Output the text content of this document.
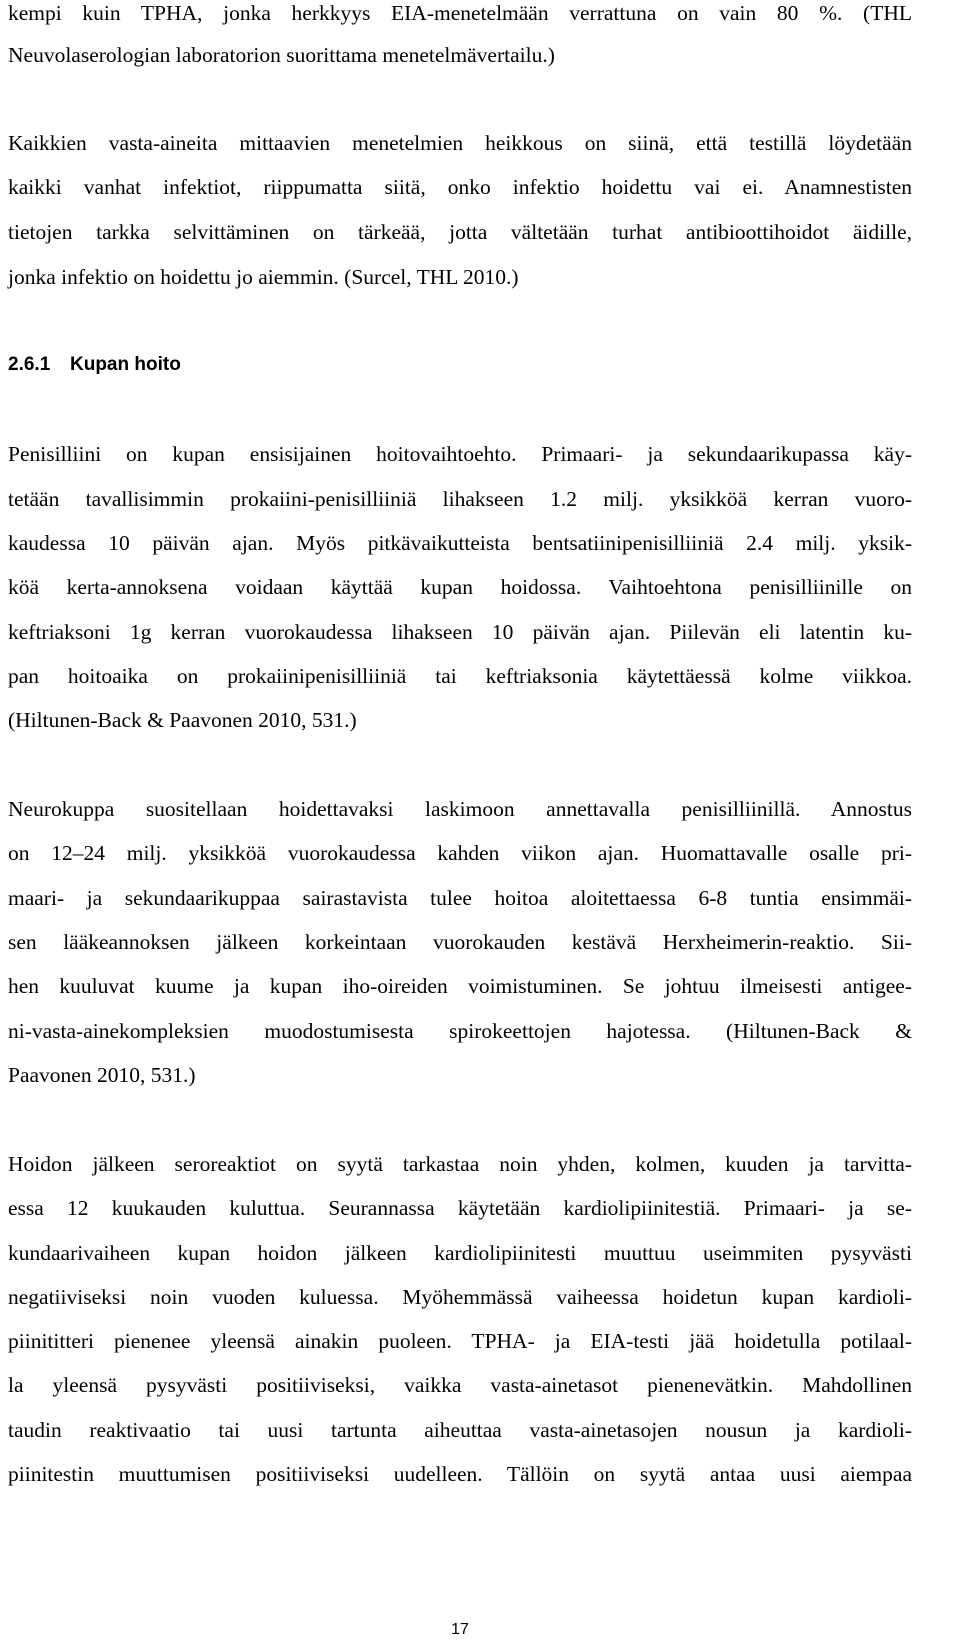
kempi kuin TPHA, jonka herkkyys EIA-menetelmään verrattuna on vain 80 %. (THL
Neuvolaserologian laboratorion suorittama menetelmävertailu.)
Kaikkien vasta-aineita mittaavien menetelmien heikkous on siinä, että testillä löydetään
kaikki vanhat infektiot, riippumatta siitä, onko infektio hoidettu vai ei. Anamnestisten
tietojen tarkka selvittäminen on tärkeää, jotta vältetään turhat antibioottihoidot äidille,
jonka infektio on hoidettu jo aiemmin. (Surcel, THL 2010.)
2.6.1 Kupan hoito
Penisilliini on kupan ensisijainen hoitovaihtoehto. Primaari- ja sekundaarikupassa käy-
tetään tavallisimmin prokaiini-penisilliiniä lihakseen 1.2 milj. yksikköä kerran vuoro-
kaudessa 10 päivän ajan. Myös pitkävaikutteista bentsatiinipenisilliiniä 2.4 milj. yksik-
köä kerta-annoksena voidaan käyttää kupan hoidossa. Vaihtoehtona penisilliinille on
keftriaksoni 1g kerran vuorokaudessa lihakseen 10 päivän ajan. Piilevän eli latentin ku-
pan hoitoaika on prokaiinipenisilliiniä tai keftriaksonia käytettäessä kolme viikkoa.
(Hiltunen-Back & Paavonen 2010, 531.)
Neurokuppa suositellaan hoidettavaksi laskimoon annettavalla penisilliinillä. Annostus
on 12–24 milj. yksikköä vuorokaudessa kahden viikon ajan. Huomattavalle osalle pri-
maari- ja sekundaarikuppaa sairastavista tulee hoitoa aloitettaessa 6-8 tuntia ensimmäi-
sen lääkeannoksen jälkeen korkeintaan vuorokauden kestävä Herxheimerin-reaktio. Sii-
hen kuuluvat kuume ja kupan iho-oireiden voimistuminen. Se johtuu ilmeisesti antigee-
ni-vasta-ainekompleksien muodostumisesta spirokeettojen hajotessa. (Hiltunen-Back &
Paavonen 2010, 531.)
Hoidon jälkeen seroreaktiot on syytä tarkastaa noin yhden, kolmen, kuuden ja tarvitta-
essa 12 kuukauden kuluttua. Seurannassa käytetään kardiolipiinitestiä. Primaari- ja se-
kundaarivaiheen kupan hoidon jälkeen kardiolipiinitesti muuttuu useimmiten pysyvästi
negatiiviseksi noin vuoden kuluessa. Myöhemmässä vaiheessa hoidetun kupan kardioli-
piinititteri pienenee yleensä ainakin puoleen. TPHA- ja EIA-testi jää hoidetulla potilaal-
la yleensä pysyvästi positiiviseksi, vaikka vasta-ainetasot pienenevätkin. Mahdollinen
taudin reaktivaatio tai uusi tartunta aiheuttaa vasta-ainetasojen nousun ja kardioli-
piinitestin muuttumisen positiiviseksi uudelleen. Tällöin on syytä antaa uusi aiempaa
17
